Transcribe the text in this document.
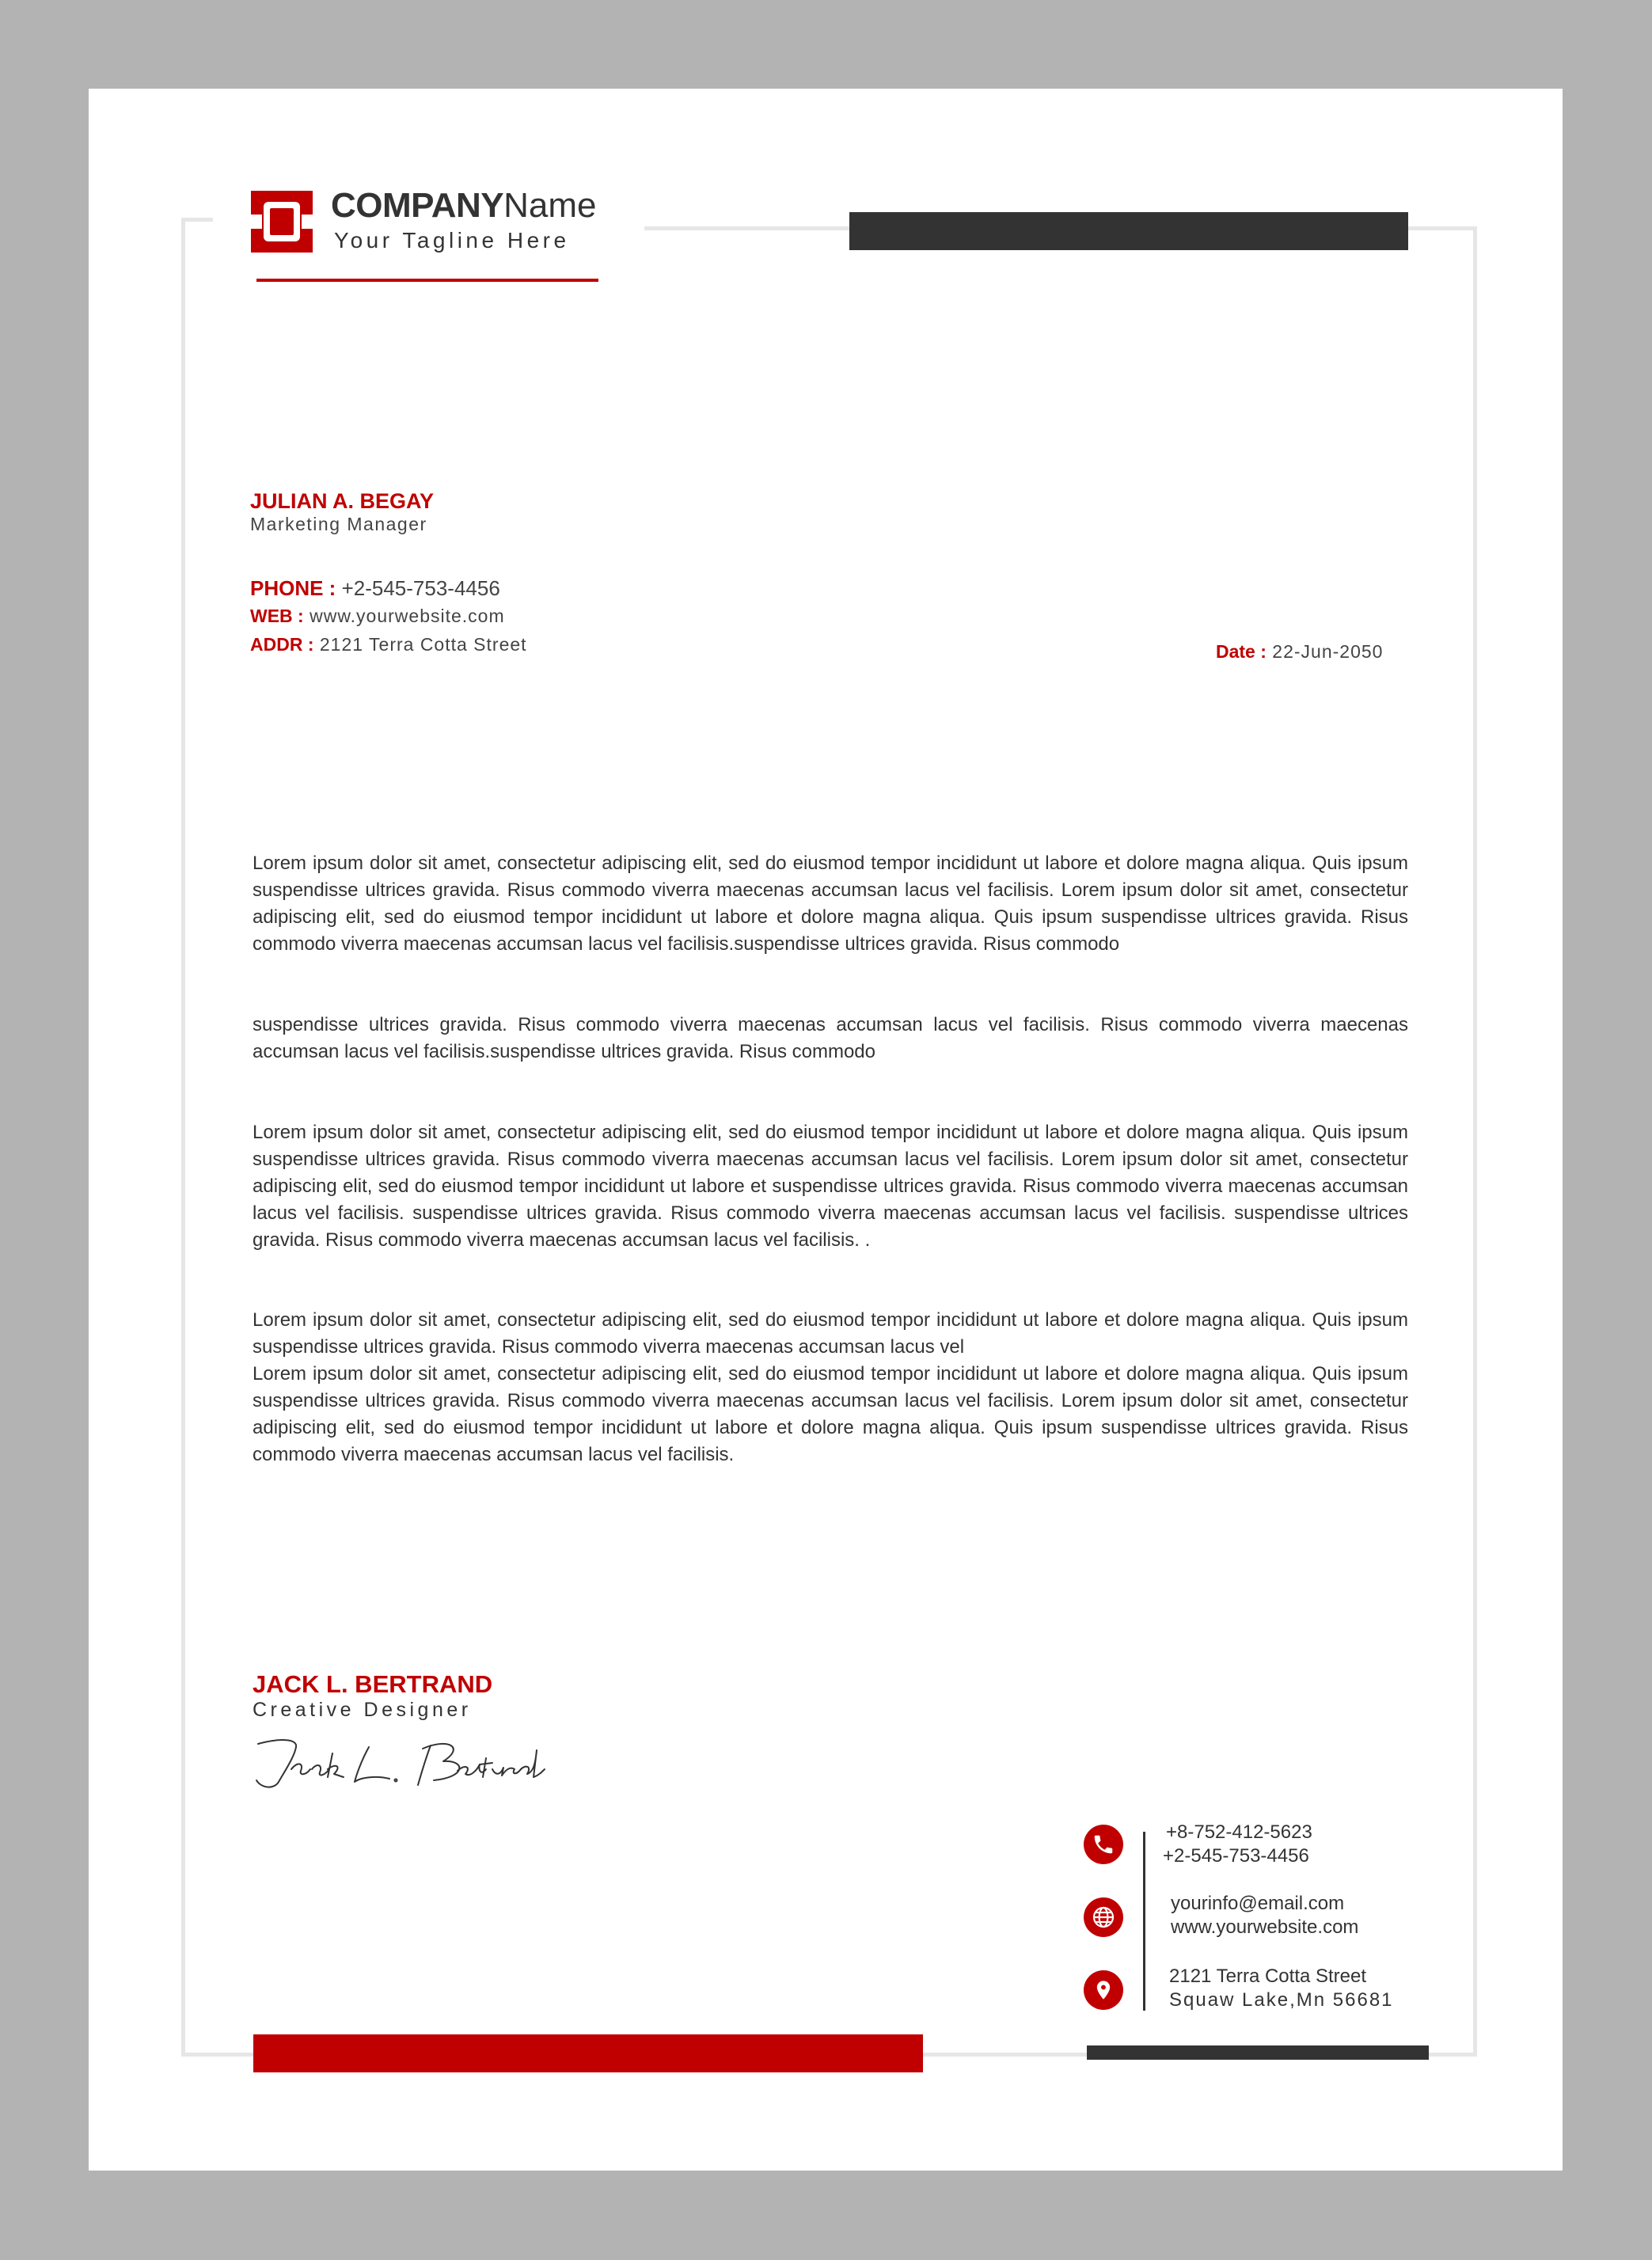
COMPANYName
Your Tagline Here
JULIAN A. BEGAY
Marketing Manager
PHONE : +2-545-753-4456
WEB : www.yourwebsite.com
ADDR : 2121 Terra Cotta Street	Date : 22-Jun-2050

Lorem ipsum dolor sit amet, consectetur adipiscing elit, sed do eiusmod tempor incididunt ut labore et dolore magna aliqua. Quis ipsum suspendisse ultrices gravida. Risus commodo viverra maecenas accumsan lacus vel facilisis. Lorem ipsum dolor sit amet, consectetur adipiscing elit, sed do eiusmod tempor incididunt ut labore et dolore magna aliqua. Quis ipsum suspendisse ultrices gravida. Risus commodo viverra maecenas accumsan lacus vel facilisis.suspendisse ultrices gravida. Risus commodo

suspendisse ultrices gravida. Risus commodo viverra maecenas accumsan lacus vel facilisis. Risus commodo viverra maecenas accumsan lacus vel facilisis.suspendisse ultrices gravida. Risus commodo

Lorem ipsum dolor sit amet, consectetur adipiscing elit, sed do eiusmod tempor incididunt ut labore et dolore magna aliqua. Quis ipsum suspendisse ultrices gravida. Risus commodo viverra maecenas accumsan lacus vel facilisis. Lorem ipsum dolor sit amet, consectetur adipiscing elit, sed do eiusmod tempor incididunt ut labore et suspendisse ultrices gravida. Risus commodo viverra maecenas accumsan lacus vel facilisis. suspendisse ultrices gravida. Risus commodo viverra maecenas accumsan lacus vel facilisis. suspendisse ultrices gravida. Risus commodo viverra maecenas accumsan lacus vel facilisis. .

Lorem ipsum dolor sit amet, consectetur adipiscing elit, sed do eiusmod tempor incididunt ut labore et dolore magna aliqua. Quis ipsum suspendisse ultrices gravida. Risus commodo viverra maecenas accumsan lacus vel

Lorem ipsum dolor sit amet, consectetur adipiscing elit, sed do eiusmod tempor incididunt ut labore et dolore magna aliqua. Quis ipsum suspendisse ultrices gravida. Risus commodo viverra maecenas accumsan lacus vel facilisis. Lorem ipsum dolor sit amet, consectetur adipiscing elit, sed do eiusmod tempor incididunt ut labore et dolore magna aliqua. Quis ipsum suspendisse ultrices gravida. Risus commodo viverra maecenas accumsan lacus vel facilisis.

JACK L. BERTRAND
Creative Designer
+8-752-412-5623
+2-545-753-4456
yourinfo@email.com
www.yourwebsite.com
2121 Terra Cotta Street
Squaw Lake,Mn 56681
